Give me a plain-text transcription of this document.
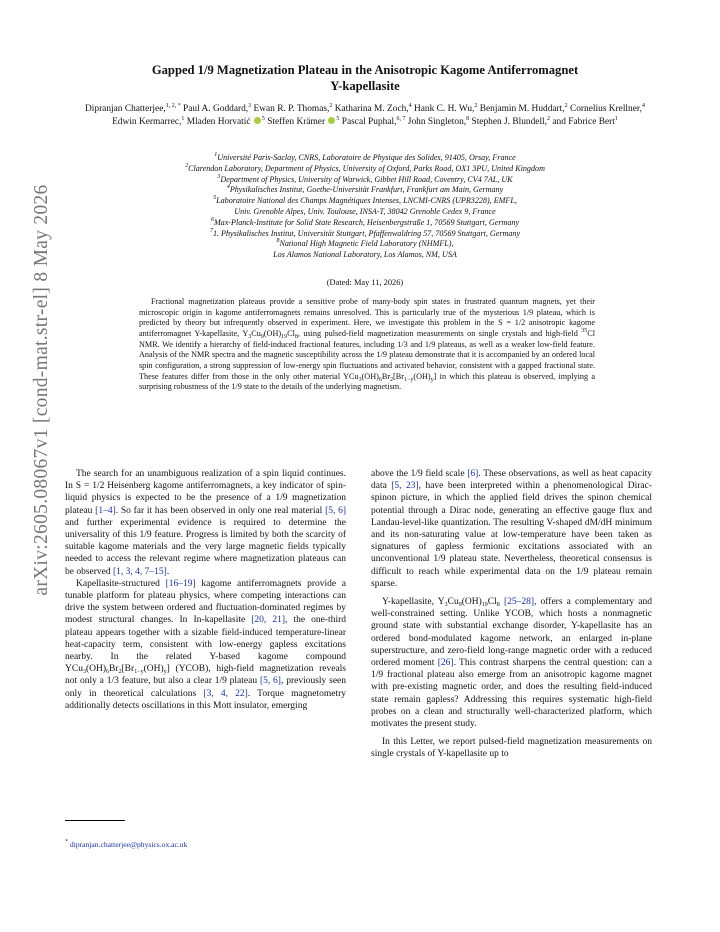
arXiv:2605.08067v1 [cond-mat.str-el] 8 May 2026
Gapped 1/9 Magnetization Plateau in the Anisotropic Kagome Antiferromagnet
Y-kapellasite
Dipranjan Chatterjee,$^{1, 2, *}$ Paul A. Goddard,$^3$ Ewan R. P. Thomas,$^2$ Katharina M. Zoch,$^4$ Hank C. H. Wu,$^2$ Benjamin M. Huddart,$^2$ Cornelius Krellner,$^4$ Edwin Kermarrec,$^1$ Mladen Horvatić $^5$ Steffen Krämer $^5$ Pascal Puphal,$^{6, 7}$ John Singleton,$^8$ Stephen J. Blundell,$^2$ and Fabrice Bert$^1$
$^1$Université Paris-Saclay, CNRS, Laboratoire de Physique des Solides, 91405, Orsay, France
$^2$Clarendon Laboratory, Department of Physics, University of Oxford, Parks Road, OX1 3PU, United Kingdom
$^3$Department of Physics, University of Warwick, Gibbet Hill Road, Coventry, CV4 7AL, UK
$^4$Physikalisches Institut, Goethe-Universität Frankfurt, Frankfurt am Main, Germany
$^5$Laboratoire National des Champs Magnétiques Intenses, LNCMI-CNRS (UPR3228), EMFL,
Univ. Grenoble Alpes, Univ. Toulouse, INSA-T, 38042 Grenoble Cedex 9, France
$^6$Max-Planck-Institute for Solid State Research, Heisenbergstraße 1, 70569 Stuttgart, Germany
$^7$1. Physikalisches Institut, Universität Stuttgart, Pfaffenwaldring 57, 70569 Stuttgart, Germany
$^8$National High Magnetic Field Laboratory (NHMFL),
Los Alamos National Laboratory, Los Alamos, NM, USA
(Dated: May 11, 2026)

Fractional magnetization plateaus provide a sensitive probe of many-body spin states in frustrated quantum magnets, yet their microscopic origin in kagome antiferromagnets remains unresolved. This is particularly true of the mysterious 1/9 plateau, which is predicted by theory but infrequently observed in experiment. Here, we investigate this problem in the S = 1/2 anisotropic kagome antiferromagnet Y-kapellasite, $Y_3Cu_9(OH)_{19}Cl_8$, using pulsed-field magnetization measurements on single crystals and high-field $^{35}$Cl NMR. We identify a hierarchy of field-induced fractional features, including 1/3 and 1/9 plateaus, as well as a weaker low-field feature. Analysis of the NMR spectra and the magnetic susceptibility across the 1/9 plateau demonstrate that it is accompanied by an ordered local spin configuration, a strong suppression of low-energy spin fluctuations and activated behavior, consistent with a gapped fractional state. These features differ from those in the only other material $YCu_3(OH)_6Br_2[Br_{1-y}(OH)_y]$ in which this plateau is observed, implying a surprising robustness of the 1/9 state to the details of the underlying magnetism.

The search for an unambiguous realization of a spin liquid continues. In S = 1/2 Heisenberg kagome antiferromagnets, a key indicator of spin-liquid physics is expected to be the presence of a 1/9 magnetization plateau [1–4]. So far it has been observed in only one real material [5, 6] and further experimental evidence is required to determine the universality of this 1/9 feature. Progress is limited by both the scarcity of suitable kagome materials and the very large magnetic fields typically needed to access the relevant regime where magnetization plateaus can be observed [1, 3, 4, 7–15].

Kapellasite-structured [16–19] kagome antiferromagnets provide a tunable platform for plateau physics, where competing interactions can drive the system between ordered and fluctuation-dominated regimes by modest structural changes. In In-kapellasite [20, 21], the one-third plateau appears together with a sizable field-induced temperature-linear heat-capacity term, consistent with low-energy gapless excitations nearby. In the related Y-based kagome compound $YCu_3(OH)_6Br_2[Br_{1-y}(OH)_y]$ (YCOB), high-field magnetization reveals not only a 1/3 feature, but also a clear 1/9 plateau [5, 6], previously seen only in theoretical calculations [3, 4, 22]. Torque magnetometry additionally detects oscillations in this Mott insulator, emerging

above the 1/9 field scale [6]. These observations, as well as heat capacity data [5, 23], have been interpreted within a phenomenological Dirac-spinon picture, in which the applied field drives the spinon chemical potential through a Dirac node, generating an effective gauge flux and Landau-level-like quantization. The resulting V-shaped dM/dH minimum and its non-saturating value at low-temperature have been taken as signatures of gapless fermionic excitations associated with an unconventional 1/9 plateau state. Nevertheless, theoretical consensus is difficult to reach while experimental data on the 1/9 plateau remain sparse.

Y-kapellasite, $Y_3Cu_9(OH)_{19}Cl_8$ [25–28], offers a complementary and well-constrained setting. Unlike YCOB, which hosts a nonmagnetic ground state with substantial exchange disorder, Y-kapellasite has an ordered bond-modulated kagome network, an enlarged in-plane superstructure, and zero-field long-range magnetic order with a reduced ordered moment [26]. This contrast sharpens the central question: can a 1/9 fractional plateau also emerge from an anisotropic kagome magnet with pre-existing magnetic order, and does the resulting field-induced state remain gapless? Addressing this requires systematic high-field probes on a clean and structurally well-characterized platform, which motivates the present study.

In this Letter, we report pulsed-field magnetization measurements on single crystals of Y-kapellasite up to

* dipranjan.chatterjee@physics.ox.ac.uk
